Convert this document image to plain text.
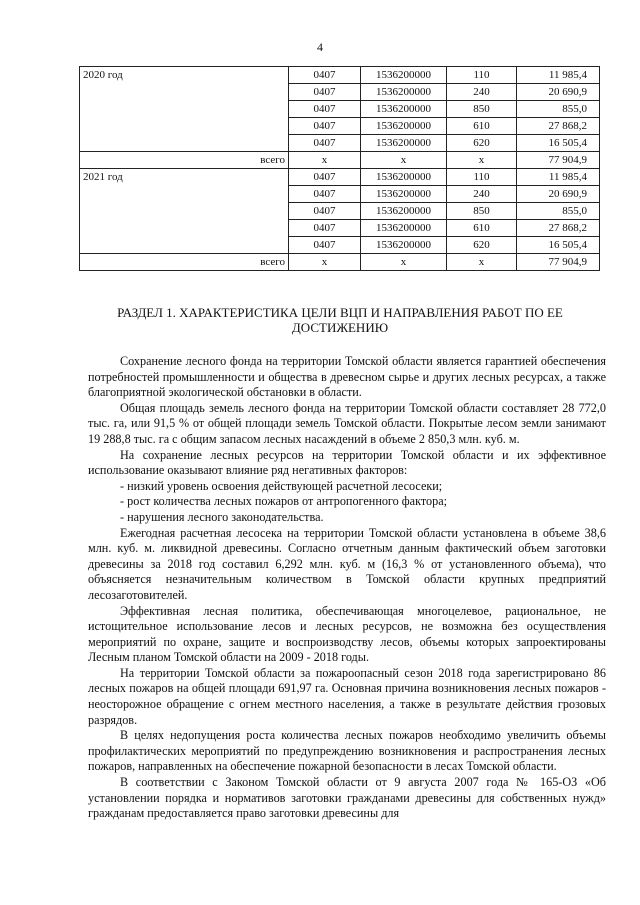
4
2020 год	0407	1536200000	110	11 985,4
	0407	1536200000	240	20 690,9
	0407	1536200000	850	855,0
	0407	1536200000	610	27 868,2
	0407	1536200000	620	16 505,4
всего	х	х	х	77 904,9
2021 год	0407	1536200000	110	11 985,4
	0407	1536200000	240	20 690,9
	0407	1536200000	850	855,0
	0407	1536200000	610	27 868,2
	0407	1536200000	620	16 505,4
всего	х	х	х	77 904,9
РАЗДЕЛ 1. ХАРАКТЕРИСТИКА ЦЕЛИ ВЦП И НАПРАВЛЕНИЯ РАБОТ ПО ЕЕ ДОСТИЖЕНИЮ

Сохранение лесного фонда на территории Томской области является гарантией обеспечения потребностей промышленности и общества в древесном сырье и других лесных ресурсах, а также благоприятной экологической обстановки в области.

Общая площадь земель лесного фонда на территории Томской области составляет 28 772,0 тыс. га, или 91,5 % от общей площади земель Томской области. Покрытые лесом земли занимают 19 288,8 тыс. га с общим запасом лесных насаждений в объеме 2 850,3 млн. куб. м.

На сохранение лесных ресурсов на территории Томской области и их эффективное использование оказывают влияние ряд негативных факторов:

- низкий уровень освоения действующей расчетной лесосеки;

- рост количества лесных пожаров от антропогенного фактора;

- нарушения лесного законодательства.

Ежегодная расчетная лесосека на территории Томской области установлена в объеме 38,6 млн. куб. м. ликвидной древесины. Согласно отчетным данным фактический объем заготовки древесины за 2018 год составил 6,292 млн. куб. м (16,3 % от установленного объема), что объясняется незначительным количеством в Томской области крупных предприятий лесозаготовителей.

Эффективная лесная политика, обеспечивающая многоцелевое, рациональное, не истощительное использование лесов и лесных ресурсов, не возможна без осуществления мероприятий по охране, защите и воспроизводству лесов, объемы которых запроектированы Лесным планом Томской области на 2009 - 2018 годы.

На территории Томской области за пожароопасный сезон 2018 года зарегистрировано 86 лесных пожаров на общей площади 691,97 га. Основная причина возникновения лесных пожаров - неосторожное обращение с огнем местного населения, а также в результате действия грозовых разрядов.

В целях недопущения роста количества лесных пожаров необходимо увеличить объемы профилактических мероприятий по предупреждению возникновения и распространения лесных пожаров, направленных на обеспечение пожарной безопасности в лесах Томской области.

В соответствии с Законом Томской области от 9 августа 2007 года № 165-ОЗ «Об установлении порядка и нормативов заготовки гражданами древесины для собственных нужд» гражданам предоставляется право заготовки древесины для
